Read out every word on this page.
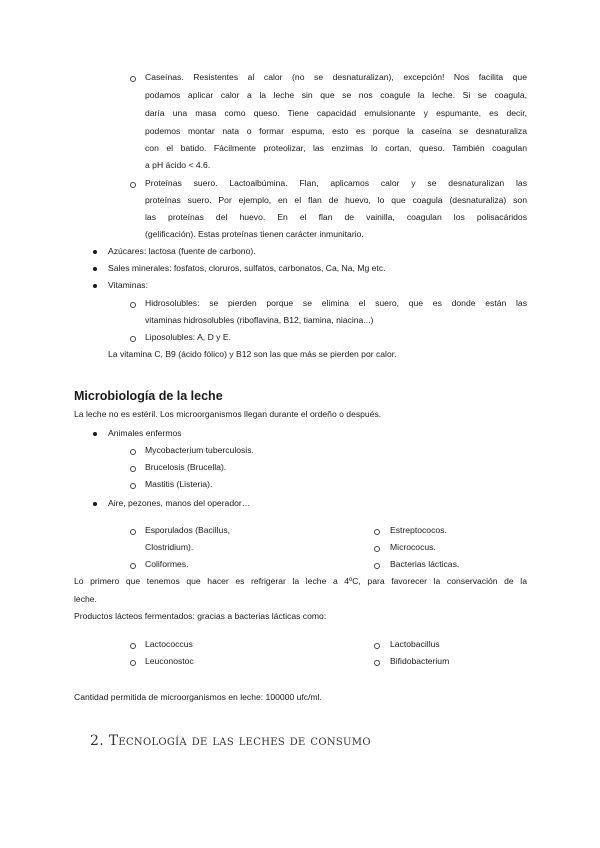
Caseínas. Resistentes al calor (no se desnaturalizan), excepción! Nos facilita que
podamos aplicar calor a la leche sin que se nos coagule la leche. Si se coagula,
daría una masa como queso. Tiene capacidad emulsionante y espumante, es decir,
podemos montar nata o formar espuma, esto es porque la caseína se desnaturaliza
con el batido. Fácilmente proteolizar, las enzimas lo cortan, queso. También coagulan
a pH ácido < 4.6.
Proteínas suero. Lactoalbúmina. Flan, aplicamos calor y se desnaturalizan las
proteínas suero. Por ejemplo, en el flan de huevo, lo que coagula (desnaturaliza) son
las proteínas del huevo. En el flan de vainilla, coagulan los polisacáridos
(gelificación). Estas proteínas tienen carácter inmunitario.
Azúcares: lactosa (fuente de carbono).
Sales minerales: fosfatos, cloruros, sulfatos, carbonatos, Ca, Na, Mg etc.
Vitaminas:
Hidrosolubles: se pierden porque se elimina el suero, que es donde están las
vitaminas hidrosolubles (riboflavina, B12, tiamina, niacina...)
Liposolubles: A, D y E.
La vitamina C, B9 (ácido fólico) y B12 son las que más se pierden por calor.
Microbiología de la leche
La leche no es estéril. Los microorganismos llegan durante el ordeño o después.
Animales enfermos
Mycobacterium tuberculosis.
Brucelosis (Brucella).
Mastitis (Listeria).
Aire, pezones, manos del operador…
Esporulados (Bacillus,
Clostridium).
Coliformes.
Estreptococos.
Micrococus.
Bacterias lácticas.
Lo primero que tenemos que hacer es refrigerar la leche a 4ºC, para favorecer la conservación de la
leche.
Productos lácteos fermentados: gracias a bacterias lácticas como:
Lactococcus
Leuconostoc
Lactobacillus
Bifidobacterium
Cantidad permitida de microorganismos en leche: 100000 ufc/ml.
2. Tecnología de las leches de consumo
